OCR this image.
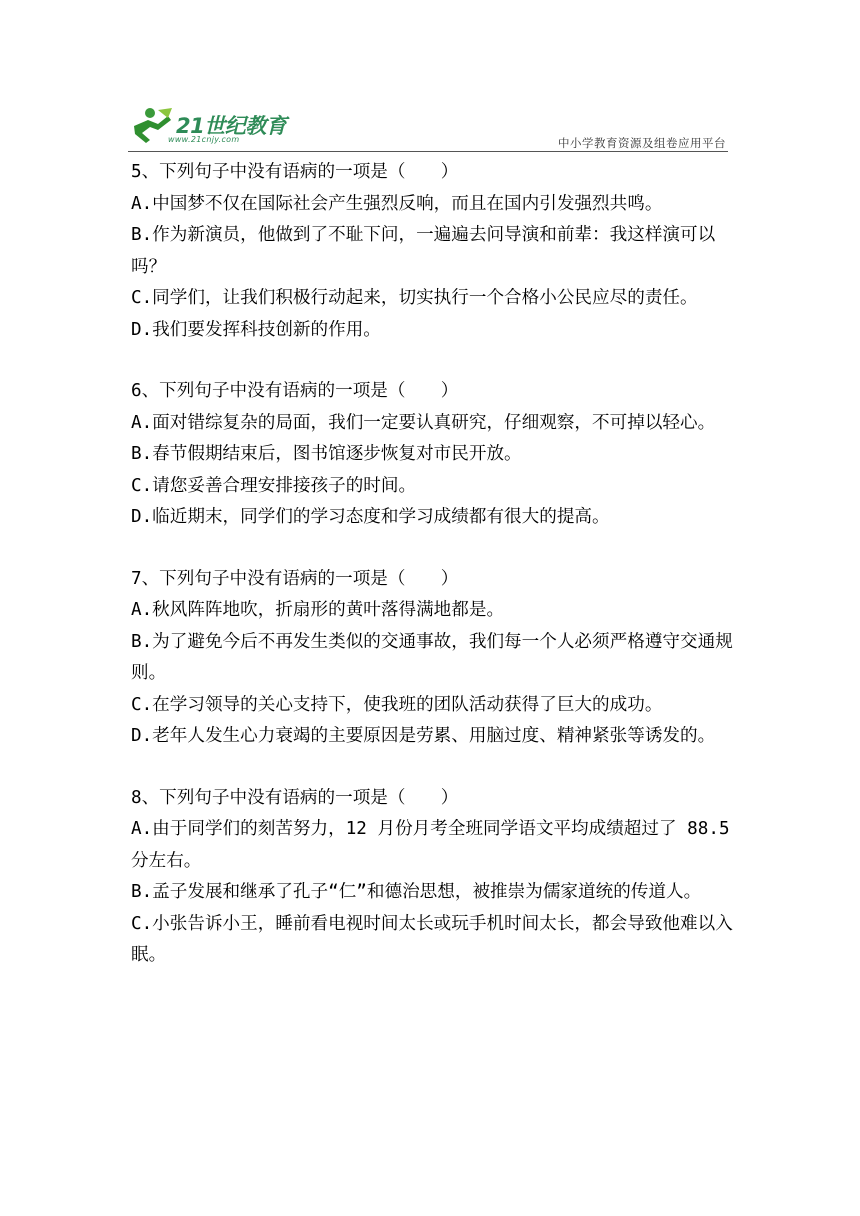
21世纪教育
www.21cnjy.com	中小学教育资源及组卷应用平台
5、下列句子中没有语病的一项是（　　）
A.中国梦不仅在国际社会产生强烈反响，而且在国内引发强烈共鸣。
B.作为新演员，他做到了不耻下问，一遍遍去问导演和前辈：我这样演可以吗？
C.同学们，让我们积极行动起来，切实执行一个合格小公民应尽的责任。
D.我们要发挥科技创新的作用。
6、下列句子中没有语病的一项是（　　）
A.面对错综复杂的局面，我们一定要认真研究，仔细观察，不可掉以轻心。
B.春节假期结束后，图书馆逐步恢复对市民开放。
C.请您妥善合理安排接孩子的时间。
D.临近期末，同学们的学习态度和学习成绩都有很大的提高。
7、下列句子中没有语病的一项是（　　）
A.秋风阵阵地吹，折扇形的黄叶落得满地都是。
B.为了避免今后不再发生类似的交通事故，我们每一个人必须严格遵守交通规则。
C.在学习领导的关心支持下，使我班的团队活动获得了巨大的成功。
D.老年人发生心力衰竭的主要原因是劳累、用脑过度、精神紧张等诱发的。
8、下列句子中没有语病的一项是（　　）
A.由于同学们的刻苦努力，12 月份月考全班同学语文平均成绩超过了 88.5 分左右。
B.孟子发展和继承了孔子“仁”和德治思想，被推崇为儒家道统的传道人。
C.小张告诉小王，睡前看电视时间太长或玩手机时间太长，都会导致他难以入眠。
